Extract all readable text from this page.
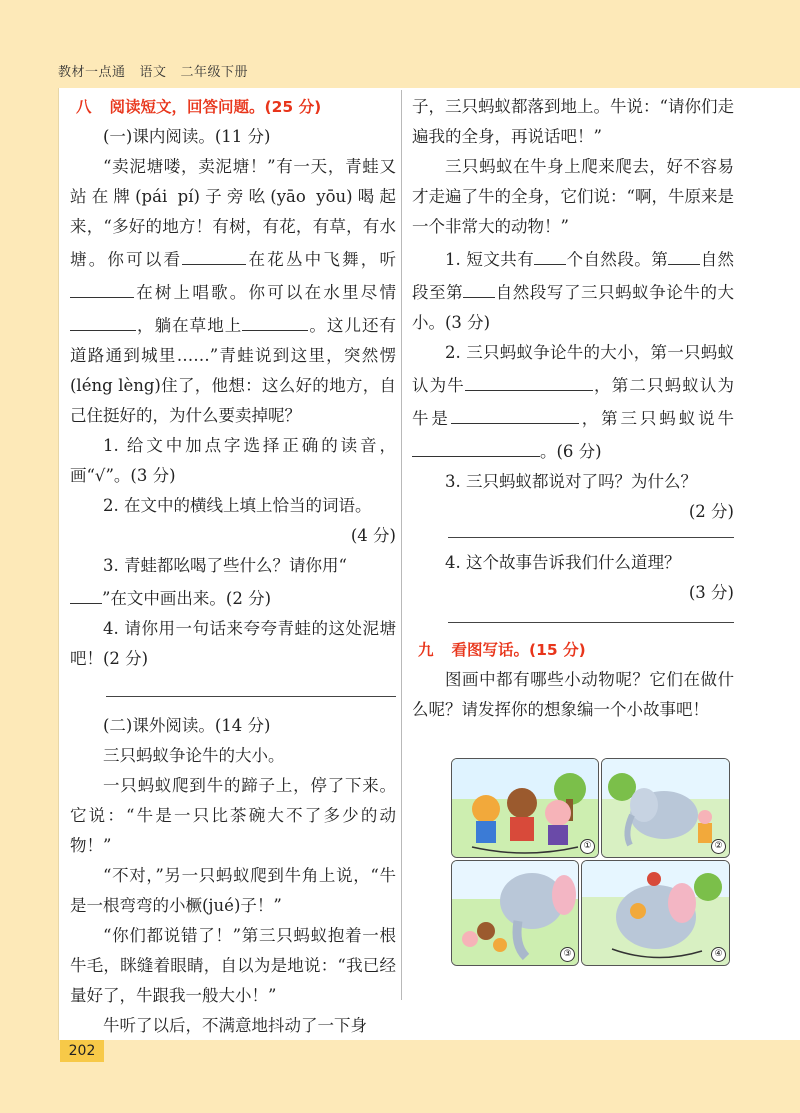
教材一点通 语文 二年级下册

八 阅读短文，回答问题。(25 分)

(一)课内阅读。(11 分)

“卖泥塘喽，卖泥塘！”有一天，青蛙又站在牌(pái pí)子旁吆(yāo yōu)喝起来，“多好的地方！有树，有花，有草，有水塘。你可以看	在花丛中飞舞，听在树上唱歌。你可以在水里尽情，躺在草地上	。这儿还有道路通到城里……”青蛙说到这里，突然愣(léng lèng)住了，他想：这么好的地方，自己住挺好的，为什么要卖掉呢？

1. 给文中加点字选择正确的读音，画“√”。(3 分)

2. 在文中的横线上填上恰当的词语。

(4 分)

3. 青蛙都吆喝了些什么？请你用“

”在文中画出来。(2 分)

4. 请你用一句话来夸夸青蛙的这处泥塘吧！(2 分)

(二)课外阅读。(14 分)

三只蚂蚁争论牛的大小。

一只蚂蚁爬到牛的蹄子上，停了下来。它说：“牛是一只比茶碗大不了多少的动物！”

“不对，”另一只蚂蚁爬到牛角上说，“牛是一根弯弯的小橛(jué)子！”

“你们都说错了！”第三只蚂蚁抱着一根牛毛，眯缝着眼睛，自以为是地说：“我已经量好了，牛跟我一般大小！”

牛听了以后，不满意地抖动了一下身

子，三只蚂蚁都落到地上。牛说：“请你们走遍我的全身，再说话吧！”

三只蚂蚁在牛身上爬来爬去，好不容易才走遍了牛的全身，它们说：“啊，牛原来是一个非常大的动物！”

1. 短文共有 个自然段。第 自然段至第 自然段写了三只蚂蚁争论牛的大小。(3 分)

2. 三只蚂蚁争论牛的大小，第一只蚂蚁认为牛	，第二只蚂蚁认为牛是	，第三只蚂蚁说牛。(6 分)

3. 三只蚂蚁都说对了吗？为什么？

(2 分)

4. 这个故事告诉我们什么道理？

(3 分)

九 看图写话。(15 分)

图画中都有哪些小动物呢？它们在做什么呢？请发挥你的想象编一个小故事吧！

①	②
③	④
202
